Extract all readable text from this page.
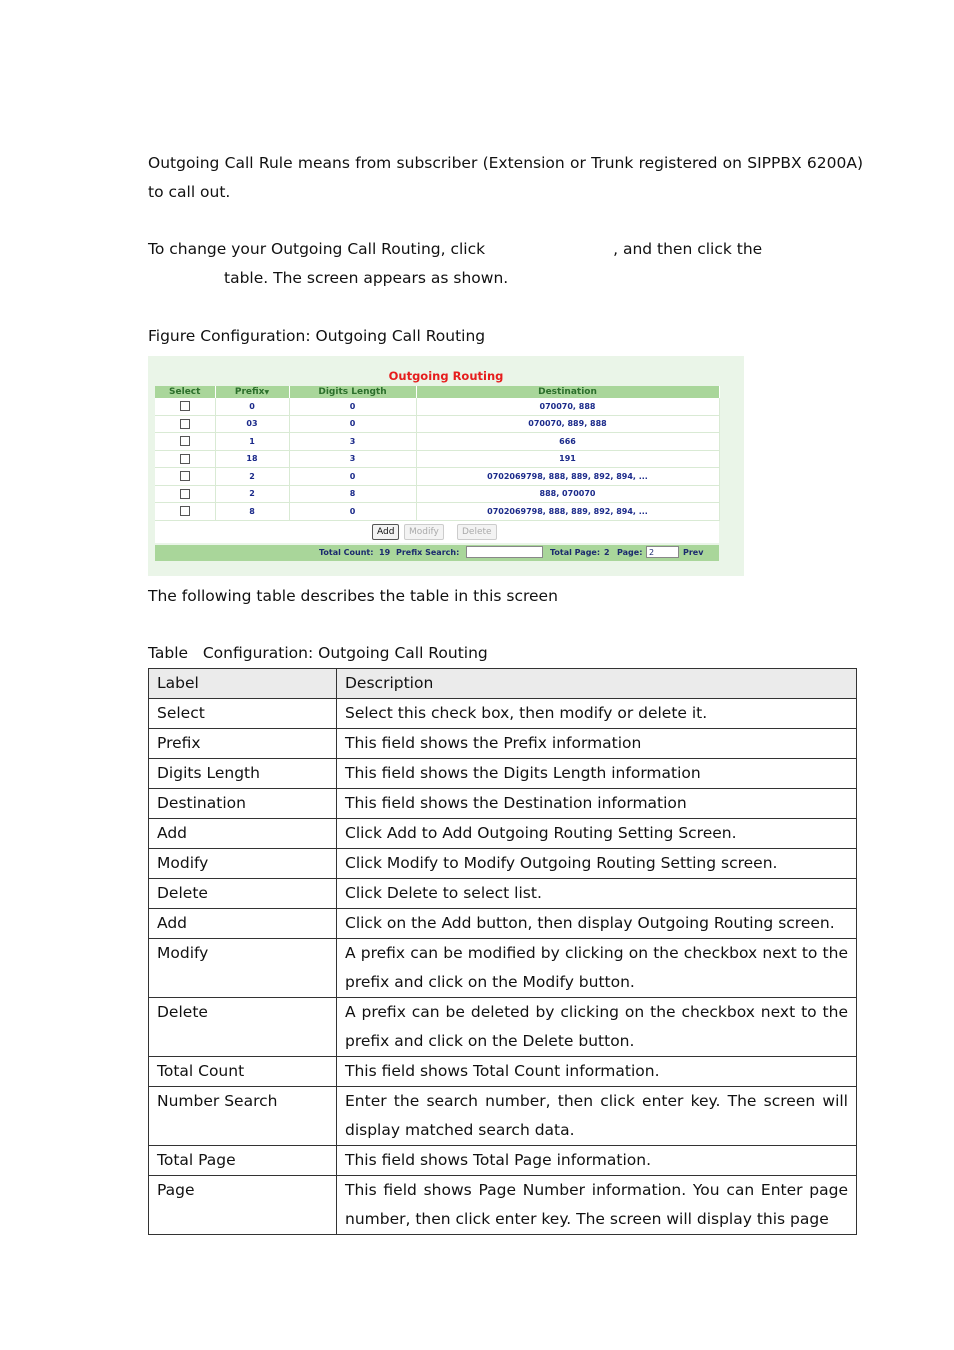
Outgoing Call Rule means from subscriber (Extension or Trunk registered on SIPPBX 6200A) to call out.

To change your Outgoing Call Routing, click	, and then click the

table. The screen appears as shown.

Figure Configuration: Outgoing Call Routing

Outgoing Routing
Select	Prefix▼	Digits Length	Destination
	0	0	070070, 888
	03	0	070070, 889, 888
	1	3	666
	18	3	191
	2	0	0702069798, 888, 889, 892, 894, ...
	2	8	888, 070070
	8	0	0702069798, 888, 889, 892, 894, ...
Add	Modify	Delete
Total Count: 19 Prefix Search:	Total Page: 2 Page: 2	Prev

The following table describes the table in this screen

Table   Configuration: Outgoing Call Routing

Label	Description
Select	Select this check box, then modify or delete it.
Prefix	This field shows the Prefix information
Digits Length	This field shows the Digits Length information
Destination	This field shows the Destination information
Add	Click Add to Add Outgoing Routing Setting Screen.
Modify	Click Modify to Modify Outgoing Routing Setting screen.
Delete	Click Delete to select list.
Add	Click on the Add button, then display Outgoing Routing screen.
Modify	A prefix can be modified by clicking on the checkbox next to the prefix and click on the Modify button.
Delete	A prefix can be deleted by clicking on the checkbox next to the prefix and click on the Delete button.
Total Count	This field shows Total Count information.
Number Search	Enter the search number, then click enter key. The screen will display matched search data.
Total Page	This field shows Total Page information.
Page	This field shows Page Number information. You can Enter page number, then click enter key. The screen will display this page
